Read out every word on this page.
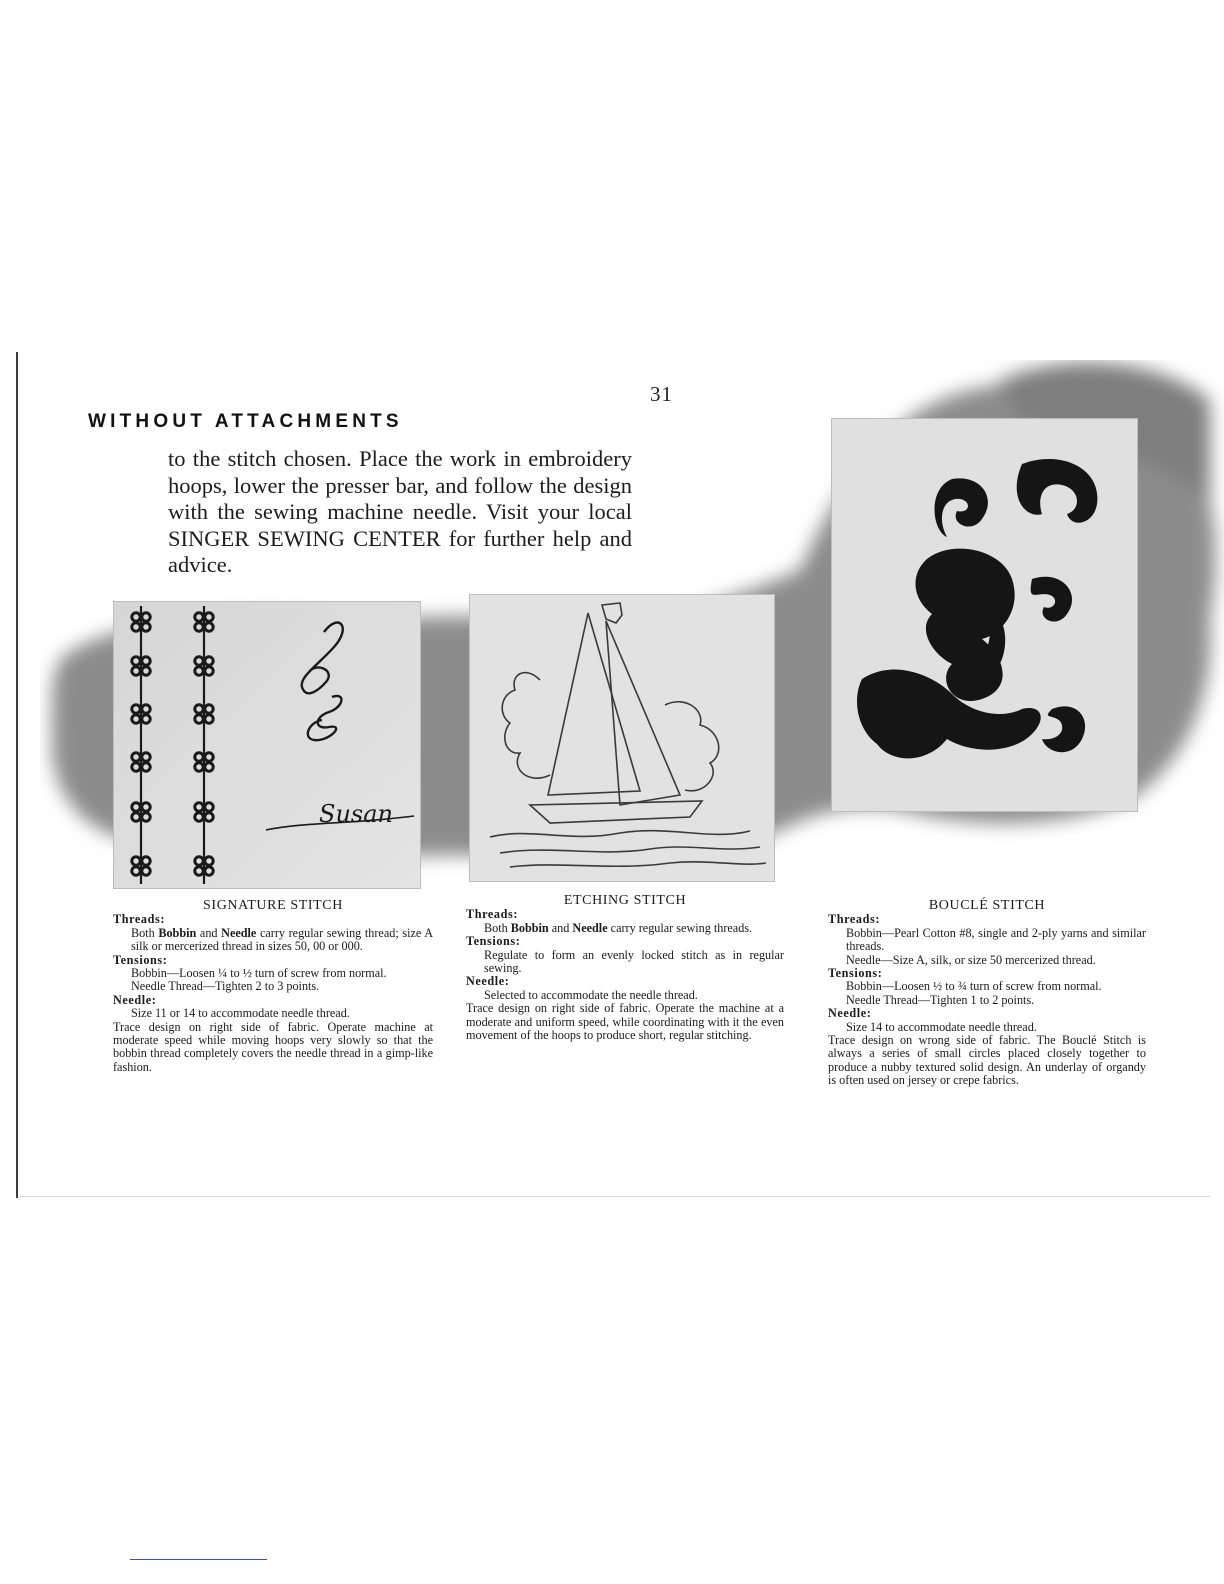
31
WITHOUT ATTACHMENTS
to the stitch chosen. Place the work in embroidery hoops, lower the presser bar, and follow the design with the sewing machine needle. Visit your local SINGER SEWING CENTER for further help and advice.
Susan
SIGNATURE STITCH
Threads:
Both Bobbin and Needle carry regular sewing thread; size A silk or mercerized thread in sizes 50, 00 or 000.
Tensions:
Bobbin—Loosen ¼ to ½ turn of screw from normal.
Needle Thread—Tighten 2 to 3 points.
Needle:
Size 11 or 14 to accommodate needle thread.
Trace design on right side of fabric. Operate machine at moderate speed while moving hoops very slowly so that the bobbin thread completely covers the needle thread in a gimp-like fashion.
ETCHING STITCH
Threads:
Both Bobbin and Needle carry regular sewing threads.
Tensions:
Regulate to form an evenly locked stitch as in regular sewing.
Needle:
Selected to accommodate the needle thread.
Trace design on right side of fabric. Operate the machine at a moderate and uniform speed, while coordinating with it the even movement of the hoops to produce short, regular stitching.
BOUCLÉ STITCH
Threads:
Bobbin—Pearl Cotton #8, single and 2-ply yarns and similar threads.
Needle—Size A, silk, or size 50 mercerized thread.
Tensions:
Bobbin—Loosen ½ to ¾ turn of screw from normal.
Needle Thread—Tighten 1 to 2 points.
Needle:
Size 14 to accommodate needle thread.
Trace design on wrong side of fabric. The Bouclé Stitch is always a series of small circles placed closely together to produce a nubby textured solid design. An underlay of organdy is often used on jersey or crepe fabrics.
